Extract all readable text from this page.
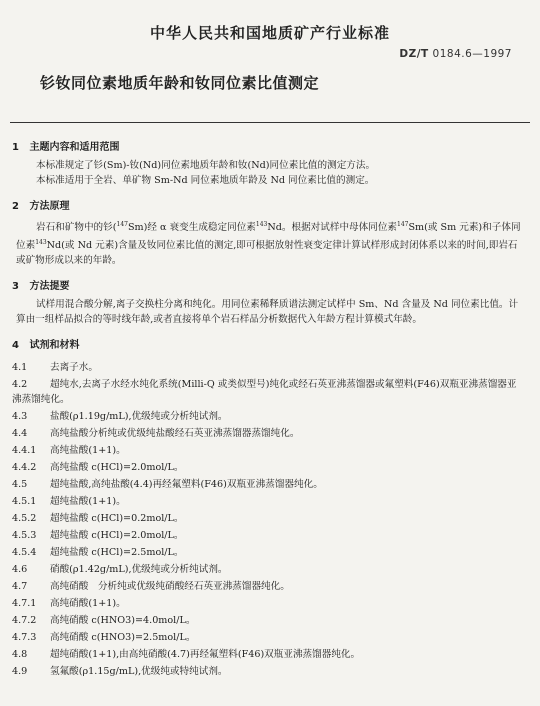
中华人民共和国地质矿产行业标准
DZ/T 0184.6—1997
钐钕同位素地质年龄和钕同位素比值测定
1 主题内容和适用范围

本标准规定了钐(Sm)-钕(Nd)同位素地质年龄和钕(Nd)同位素比值的测定方法。

本标准适用于全岩、单矿物 Sm-Nd 同位素地质年龄及 Nd 同位素比值的测定。

2 方法原理

岩石和矿物中的钐($^{147}$Sm)经 α 衰变生成稳定同位素$^{143}$Nd。根据对试样中母体同位素$^{147}$Sm(或 Sm 元素)和子体同位素$^{143}$Nd(或 Nd 元素)含量及钕同位素比值的测定,即可根据放射性衰变定律计算试样形成封闭体系以来的时间,即岩石或矿物形成以来的年龄。

3 方法提要

试样用混合酸分解,离子交换柱分离和纯化。用同位素稀释质谱法测定试样中 Sm、Nd 含量及 Nd 同位素比值。计算由一组样品拟合的等时线年龄,或者直接将单个岩石样品分析数据代入年龄方程计算模式年龄。

4 试剂和材料

4.1 去离子水。

4.2 超纯水,去离子水经水纯化系统(Milli-Q 或类似型号)纯化或经石英亚沸蒸馏器或氟塑料(F46)双瓶亚沸蒸馏器亚沸蒸馏纯化。

4.3 盐酸(ρ1.19g/mL),优级纯或分析纯试剂。

4.4 高纯盐酸分析纯或优级纯盐酸经石英亚沸蒸馏器蒸馏纯化。

4.4.1 高纯盐酸(1+1)。

4.4.2 高纯盐酸 c(HCl)=2.0mol/L。

4.5 超纯盐酸,高纯盐酸(4.4)再经氟塑料(F46)双瓶亚沸蒸馏器纯化。

4.5.1 超纯盐酸(1+1)。

4.5.2 超纯盐酸 c(HCl)=0.2mol/L。

4.5.3 超纯盐酸 c(HCl)=2.0mol/L。

4.5.4 超纯盐酸 c(HCl)=2.5mol/L。

4.6 硝酸(ρ1.42g/mL),优级纯或分析纯试剂。

4.7 高纯硝酸　分析纯或优级纯硝酸经石英亚沸蒸馏器纯化。

4.7.1 高纯硝酸(1+1)。

4.7.2 高纯硝酸 c(HNO3)=4.0mol/L。

4.7.3 高纯硝酸 c(HNO3)=2.5mol/L。

4.8 超纯硝酸(1+1),由高纯硝酸(4.7)再经氟塑料(F46)双瓶亚沸蒸馏器纯化。

4.9 氢氟酸(ρ1.15g/mL),优级纯或特纯试剂。
